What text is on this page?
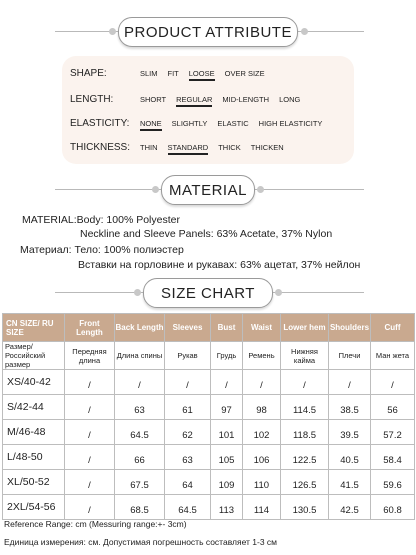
PRODUCT ATTRIBUTE
SHAPE:	SLIM FIT LOOSE OVER SIZE
LENGTH:	SHORT REGULAR MID-LENGTH LONG
ELASTICITY:	NONE SLIGHTLY ELASTIC HIGH ELASTICITY
THICKNESS:	THIN STANDARD THICK THICKEN
MATERIAL
MATERIAL:Body: 100% Polyester
Neckline and Sleeve Panels: 63% Acetate, 37% Nylon
Материал: Тело: 100% полиэстер
Вставки на горловине и рукавах: 63% ацетат, 37% нейлон
SIZE CHART
CN SIZE/ RU SIZE	Front Length	Back Length	Sleeves	Bust	Waist	Lower hem	Shoulders	Cuff
Размер/ Российский размер	Передняя длина	Длина спины	Рукав	Грудь	Ремень	Нижняя кайма	Плечи	Ман жета
XS/40-42	/	/	/	/	/	/	/	/
S/42-44	/	63	61	97	98	114.5	38.5	56
M/46-48	/	64.5	62	101	102	118.5	39.5	57.2
L/48-50	/	66	63	105	106	122.5	40.5	58.4
XL/50-52	/	67.5	64	109	110	126.5	41.5	59.6
2XL/54-56	/	68.5	64.5	113	114	130.5	42.5	60.8
Reference Range: cm (Messuring range:+- 3cm)
Единица измерения: см. Допустимая погрешность составляет 1-3 см
